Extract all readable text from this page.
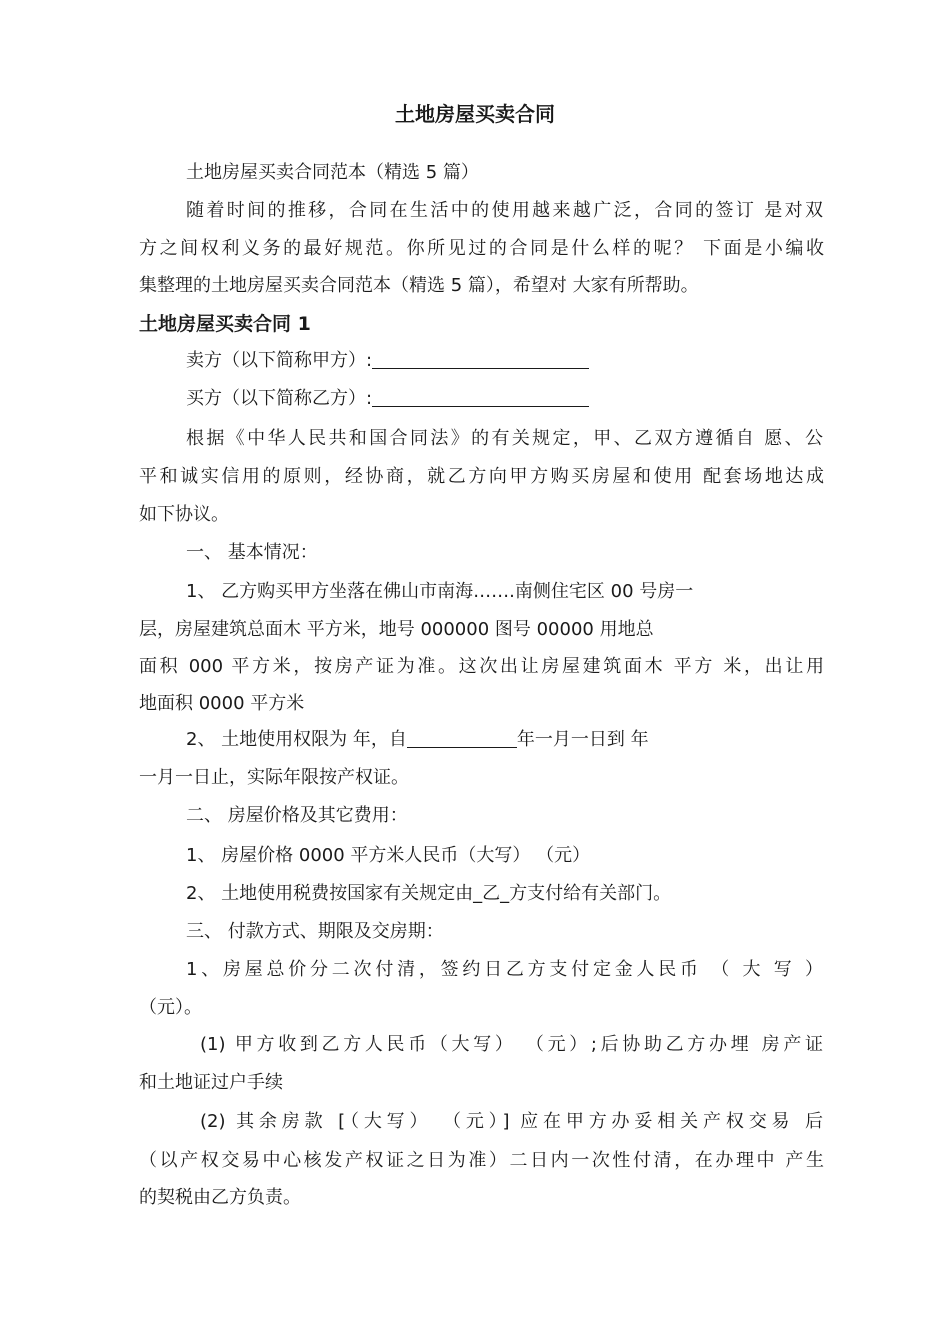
土地房屋买卖合同
土地房屋买卖合同范本（精选 5 篇）
随着时间的推移，合同在生活中的使用越来越广泛，合同的签订 是对双
方之间权利义务的最好规范。你所见过的合同是什么样的呢？ 下面是小编收
集整理的土地房屋买卖合同范本（精选 5 篇），希望对 大家有所帮助。
土地房屋买卖合同 1
卖方（以下简称甲方）:
买方（以下简称乙方）:
根据《中华人民共和国合同法》的有关规定，甲、乙双方遵循自 愿、公
平和诚实信用的原则，经协商，就乙方向甲方购买房屋和使用 配套场地达成
如下协议。
一、 基本情况：
1、 乙方购买甲方坐落在佛山市南海…….南侧住宅区 00 号房一
层，房屋建筑总面木 平方米，地号 000000 图号 00000 用地总
面积 000 平方米，按房产证为准。这次出让房屋建筑面木 平方 米，出让用
地面积 0000 平方米
2、 土地使用权限为 年，自	年一月一日到 年
一月一日止，实际年限按产权证。
二、 房屋价格及其它费用：
1、 房屋价格 0000 平方米人民币（大写） （元）
2、 土地使用税费按国家有关规定由_乙_方支付给有关部门。
三、 付款方式、期限及交房期：
1、房屋总价分二次付清，签约日乙方支付定金人民币 （ 大 写 ）
（元）。
(1) 甲方收到乙方人民币（大写） （元）;后协助乙方办埋 房产证
和土地证过户手续
(2) 其余房款 [（大写） （元）] 应在甲方办妥相关产权交易 后
（以产权交易中心核发产权证之日为准）二日内一次性付清，在办理中 产生
的契税由乙方负责。
